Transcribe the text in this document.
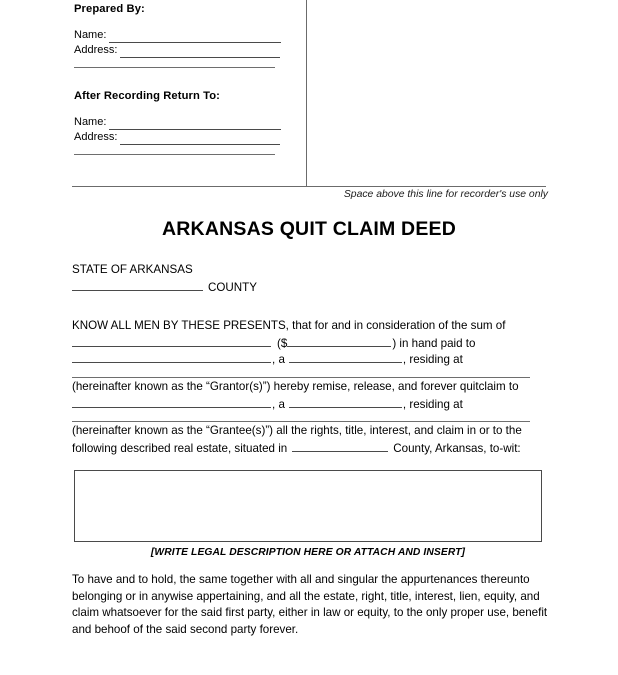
Prepared By:
Name:
Address:
After Recording Return To:
Name:
Address:
Space above this line for recorder's use only
ARKANSAS QUIT CLAIM DEED
STATE OF ARKANSAS
COUNTY
KNOW ALL MEN BY THESE PRESENTS, that for and in consideration of the sum of
($	) in hand paid to
, a	, residing at
(hereinafter known as the “Grantor(s)”) hereby remise, release, and forever quitclaim to
, a	, residing at
(hereinafter known as the “Grantee(s)”) all the rights, title, interest, and claim in or to the
following described real estate, situated in	County, Arkansas, to-wit:
[WRITE LEGAL DESCRIPTION HERE OR ATTACH AND INSERT]

To have and to hold, the same together with all and singular the appurtenances thereunto

belonging or in anywise appertaining, and all the estate, right, title, interest, lien, equity, and

claim whatsoever for the said first party, either in law or equity, to the only proper use, benefit

and behoof of the said second party forever.
